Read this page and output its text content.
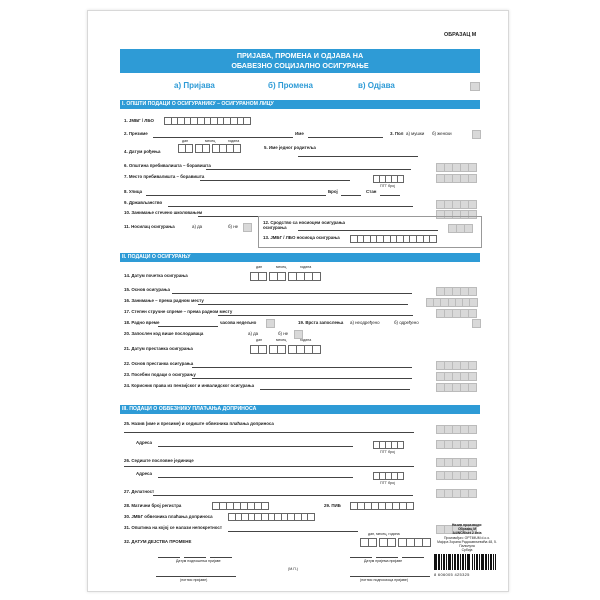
ОБРАЗАЦ М
ПРИЈАВА, ПРОМЕНА И ОДЈАВА НА
ОБАВЕЗНО СОЦИЈАЛНО ОСИГУРАЊЕ
а) Пријава	б) Промена	в) Одјава
I. ОПШТИ ПОДАЦИ О ОСИГУРАНИКУ – ОСИГУРАНОМ ЛИЦУ
1. ЈМБГ / ЛБО
2. Презиме	Име	3. Пол а) мушки б) женски
4. Датум рођења
дан	месец	година
5. Име једног родитеља
6. Општина пребивалишта – боравишта
7. Место пребивалишта – боравишта
ПТТ број
8. Улица	Број	Стан
9. Држављанство
10. Занимање стечено школовањем
11. Носилац осигурања	а) да	б) не
12. Сродство са носиоцем осигурања
осигурања
13. ЈМБГ / ЛБО носиоца осигурања
II. ПОДАЦИ О ОСИГУРАЊУ
14. Датум почетка осигурања
дан	месец	година
15. Основ осигурања
16. Занимање – према радном месту
17. Степен стручне спреме – према радном месту
18. Радно време	часова недељно	19. Врста запослења а) неодређено	б) одређено
20. Запослен код више послодаваца	а) да	б) не
21. Датум престанка осигурања
дан	месец	година
22. Основ престанка осигурања
23. Посебни подаци о осигурању
24. Корисник права из пензијског и инвалидског осигурања
III. ПОДАЦИ О ОБВЕЗНИКУ ПЛАЋАЊА ДОПРИНОСА
25. Назив (име и презиме) и седиште обвезника плаћања доприноса
Адреса
ПТТ број
26. Седиште пословне јединице
Адреса
ПТТ број
27. Делатност
28. Матични број регистра	29. ПИБ
30. ЈМБГ обвезника плаћања доприноса
31. Општина на којој се налази непокретност
32. ДАТУМ ДЕЈСТВА ПРОМЕНЕ
дан, месец, година
Датум подношења пријаве
(потпис пријаве)
(М.П.)
Датум пријема пријаве
(потпис подносиоца пријаве)
Назив производа:
Образац М
А4/NCR/set 2 lista
Произвођач: OPTIMUM d.o.o.
Мајора Зорана Радосављевића 48, 5. Палилула
Србија
8 606005 425325
